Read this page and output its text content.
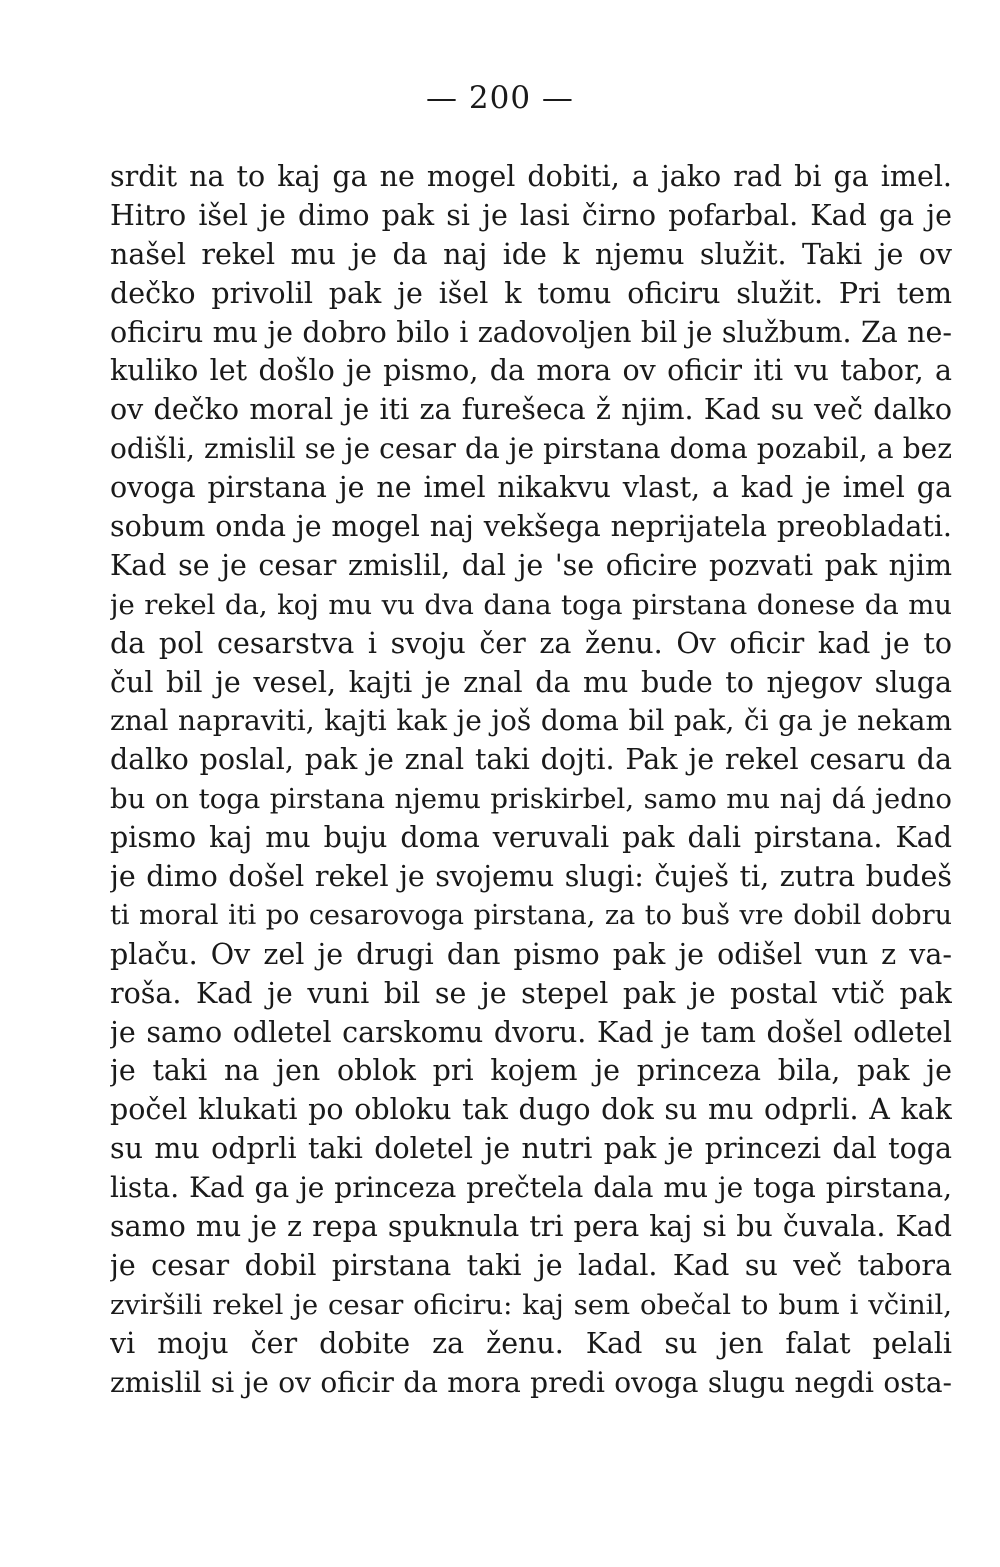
— 200 —
srdit na to kaj ga ne mogel dobiti, a jako rad bi ga imel.
Hitro išel je dimo pak si je lasi čirno pofarbal. Kad ga je
našel rekel mu je da naj ide k njemu služit. Taki je ov
dečko privolil pak je išel k tomu oficiru služit. Pri tem
oficiru mu je dobro bilo i zadovoljen bil je službum. Za ne-
kuliko let došlo je pismo, da mora ov oficir iti vu tabor, a
ov dečko moral je iti za furešeca ž njim. Kad su več dalko
odišli, zmislil se je cesar da je pirstana doma pozabil, a bez
ovoga pirstana je ne imel nikakvu vlast, a kad je imel ga
sobum onda je mogel naj vekšega neprijatela preobladati.
Kad se je cesar zmislil, dal je 'se oficire pozvati pak njim
je rekel da, koj mu vu dva dana toga pirstana donese da mu
da pol cesarstva i svoju čer za ženu. Ov oficir kad je to
čul bil je vesel, kajti je znal da mu bude to njegov sluga
znal napraviti, kajti kak je još doma bil pak, či ga je nekam
dalko poslal, pak je znal taki dojti. Pak je rekel cesaru da
bu on toga pirstana njemu priskirbel, samo mu naj dá jedno
pismo kaj mu buju doma veruvali pak dali pirstana. Kad
je dimo došel rekel je svojemu slugi: čuješ ti, zutra budeš
ti moral iti po cesarovoga pirstana, za to buš vre dobil dobru
plaču. Ov zel je drugi dan pismo pak je odišel vun z va-
roša. Kad je vuni bil se je stepel pak je postal vtič pak
je samo odletel carskomu dvoru. Kad je tam došel odletel
je taki na jen oblok pri kojem je princeza bila, pak je
počel klukati po obloku tak dugo dok su mu odprli. A kak
su mu odprli taki doletel je nutri pak je princezi dal toga
lista. Kad ga je princeza prečtela dala mu je toga pirstana,
samo mu je z repa spuknula tri pera kaj si bu čuvala. Kad
je cesar dobil pirstana taki je ladal. Kad su več tabora
zviršili rekel je cesar oficiru: kaj sem obečal to bum i včinil,
vi moju čer dobite za ženu. Kad su jen falat pelali
zmislil si je ov oficir da mora predi ovoga slugu negdi osta-
